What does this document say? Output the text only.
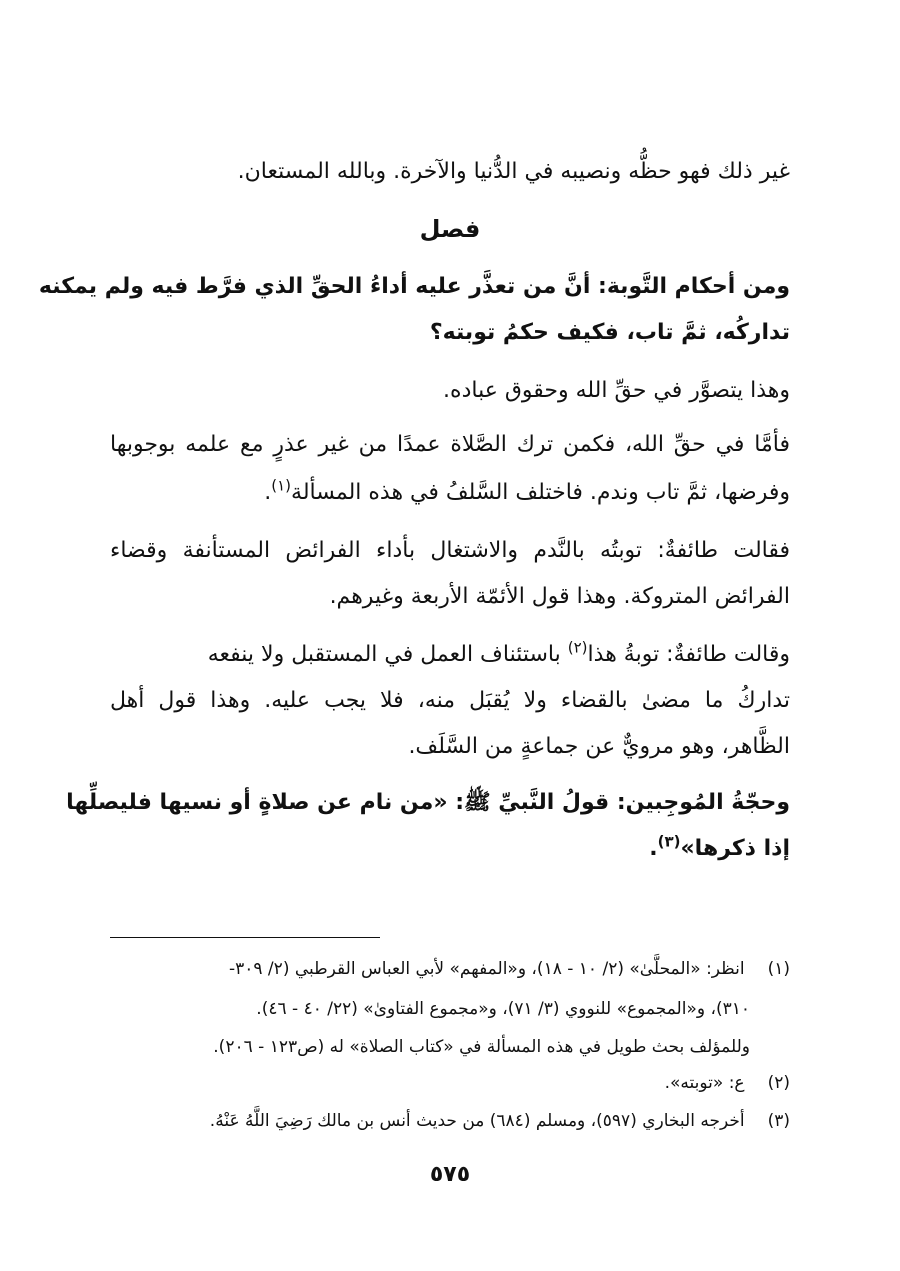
غير ذلك فهو حظُّه ونصيبه في الدُّنيا والآخرة. وبالله المستعان.
فصل
ومن أحكام التَّوبة: أنَّ من تعذَّر عليه أداءُ الحقِّ الذي فرَّط فيه ولم يمكنه
تداركُه، ثمَّ تاب، فكيف حكمُ توبته؟
وهذا يتصوَّر في حقِّ الله وحقوق عباده.
فأمَّا في حقِّ الله، فكمن ترك الصَّلاة عمدًا من غير عذرٍ مع علمه بوجوبها
وفرضها، ثمَّ تاب وندم. فاختلف السَّلفُ في هذه المسألة$^{(١)}$.
فقالت طائفةٌ: توبتُه بالنَّدم والاشتغال بأداء الفرائض المستأنفة وقضاء
الفرائض المتروكة. وهذا قول الأئمّة الأربعة وغيرهم.
وقالت طائفةٌ: توبةُ هذا$^{(٢)}$ باستئناف العمل في المستقبل ولا ينفعه
تداركُ ما مضىٰ بالقضاء ولا يُقبَل منه، فلا يجب عليه. وهذا قول أهل
الظَّاهر، وهو مرويٌّ عن جماعةٍ من السَّلَف.
وحجّةُ المُوجِبين: قولُ النَّبيِّ ﷺ: «من نام عن صلاةٍ أو نسيها فليصلِّها
إذا ذكرها»$^{(٣)}$.
(١) انظر: «المحلَّىٰ» (٢/ ١٠ - ١٨)، و«المفهم» لأبي العباس القرطبي (٢/ ٣٠٩-
٣١٠)، و«المجموع» للنووي (٣/ ٧١)، و«مجموع الفتاوىٰ» (٢٢/ ٤٠ - ٤٦).
وللمؤلف بحث طويل في هذه المسألة في «كتاب الصلاة» له (ص١٢٣ - ٢٠٦).
(٢) ع: «توبته».
(٣) أخرجه البخاري (٥٩٧)، ومسلم (٦٨٤) من حديث أنس بن مالك رَضِيَ اللَّهُ عَنْهُ.
٥٧٥
